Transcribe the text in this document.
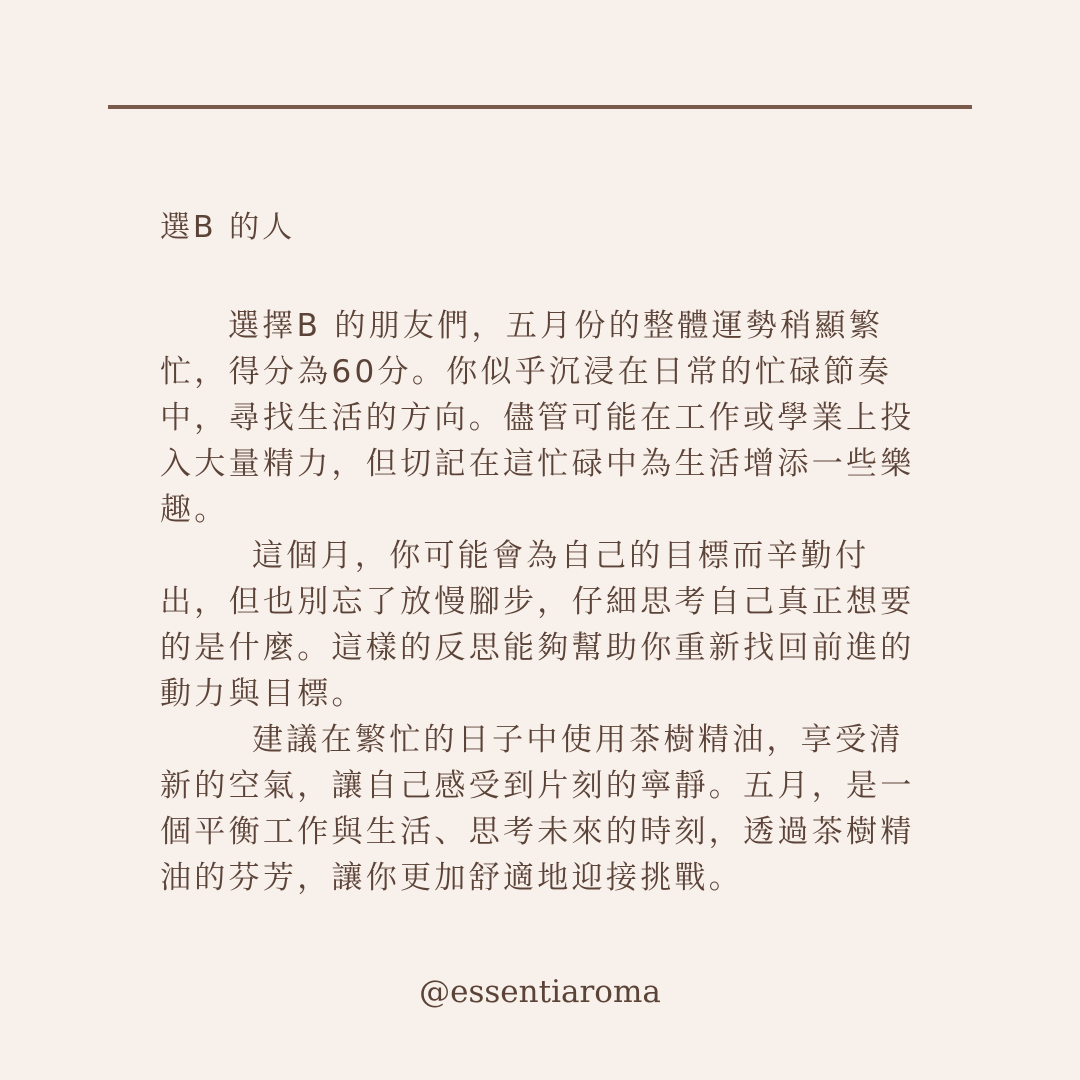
選B 的人

選擇B 的朋友們，五月份的整體運勢稍顯繁忙，得分為60分。你似乎沉浸在日常的忙碌節奏中，尋找生活的方向。儘管可能在工作或學業上投入大量精力，但切記在這忙碌中為生活增添一些樂趣。

這個月，你可能會為自己的目標而辛勤付出，但也別忘了放慢腳步，仔細思考自己真正想要的是什麼。這樣的反思能夠幫助你重新找回前進的動力與目標。

建議在繁忙的日子中使用茶樹精油，享受清新的空氣，讓自己感受到片刻的寧靜。五月，是一個平衡工作與生活、思考未來的時刻，透過茶樹精油的芬芳，讓你更加舒適地迎接挑戰。

@essentiaroma
